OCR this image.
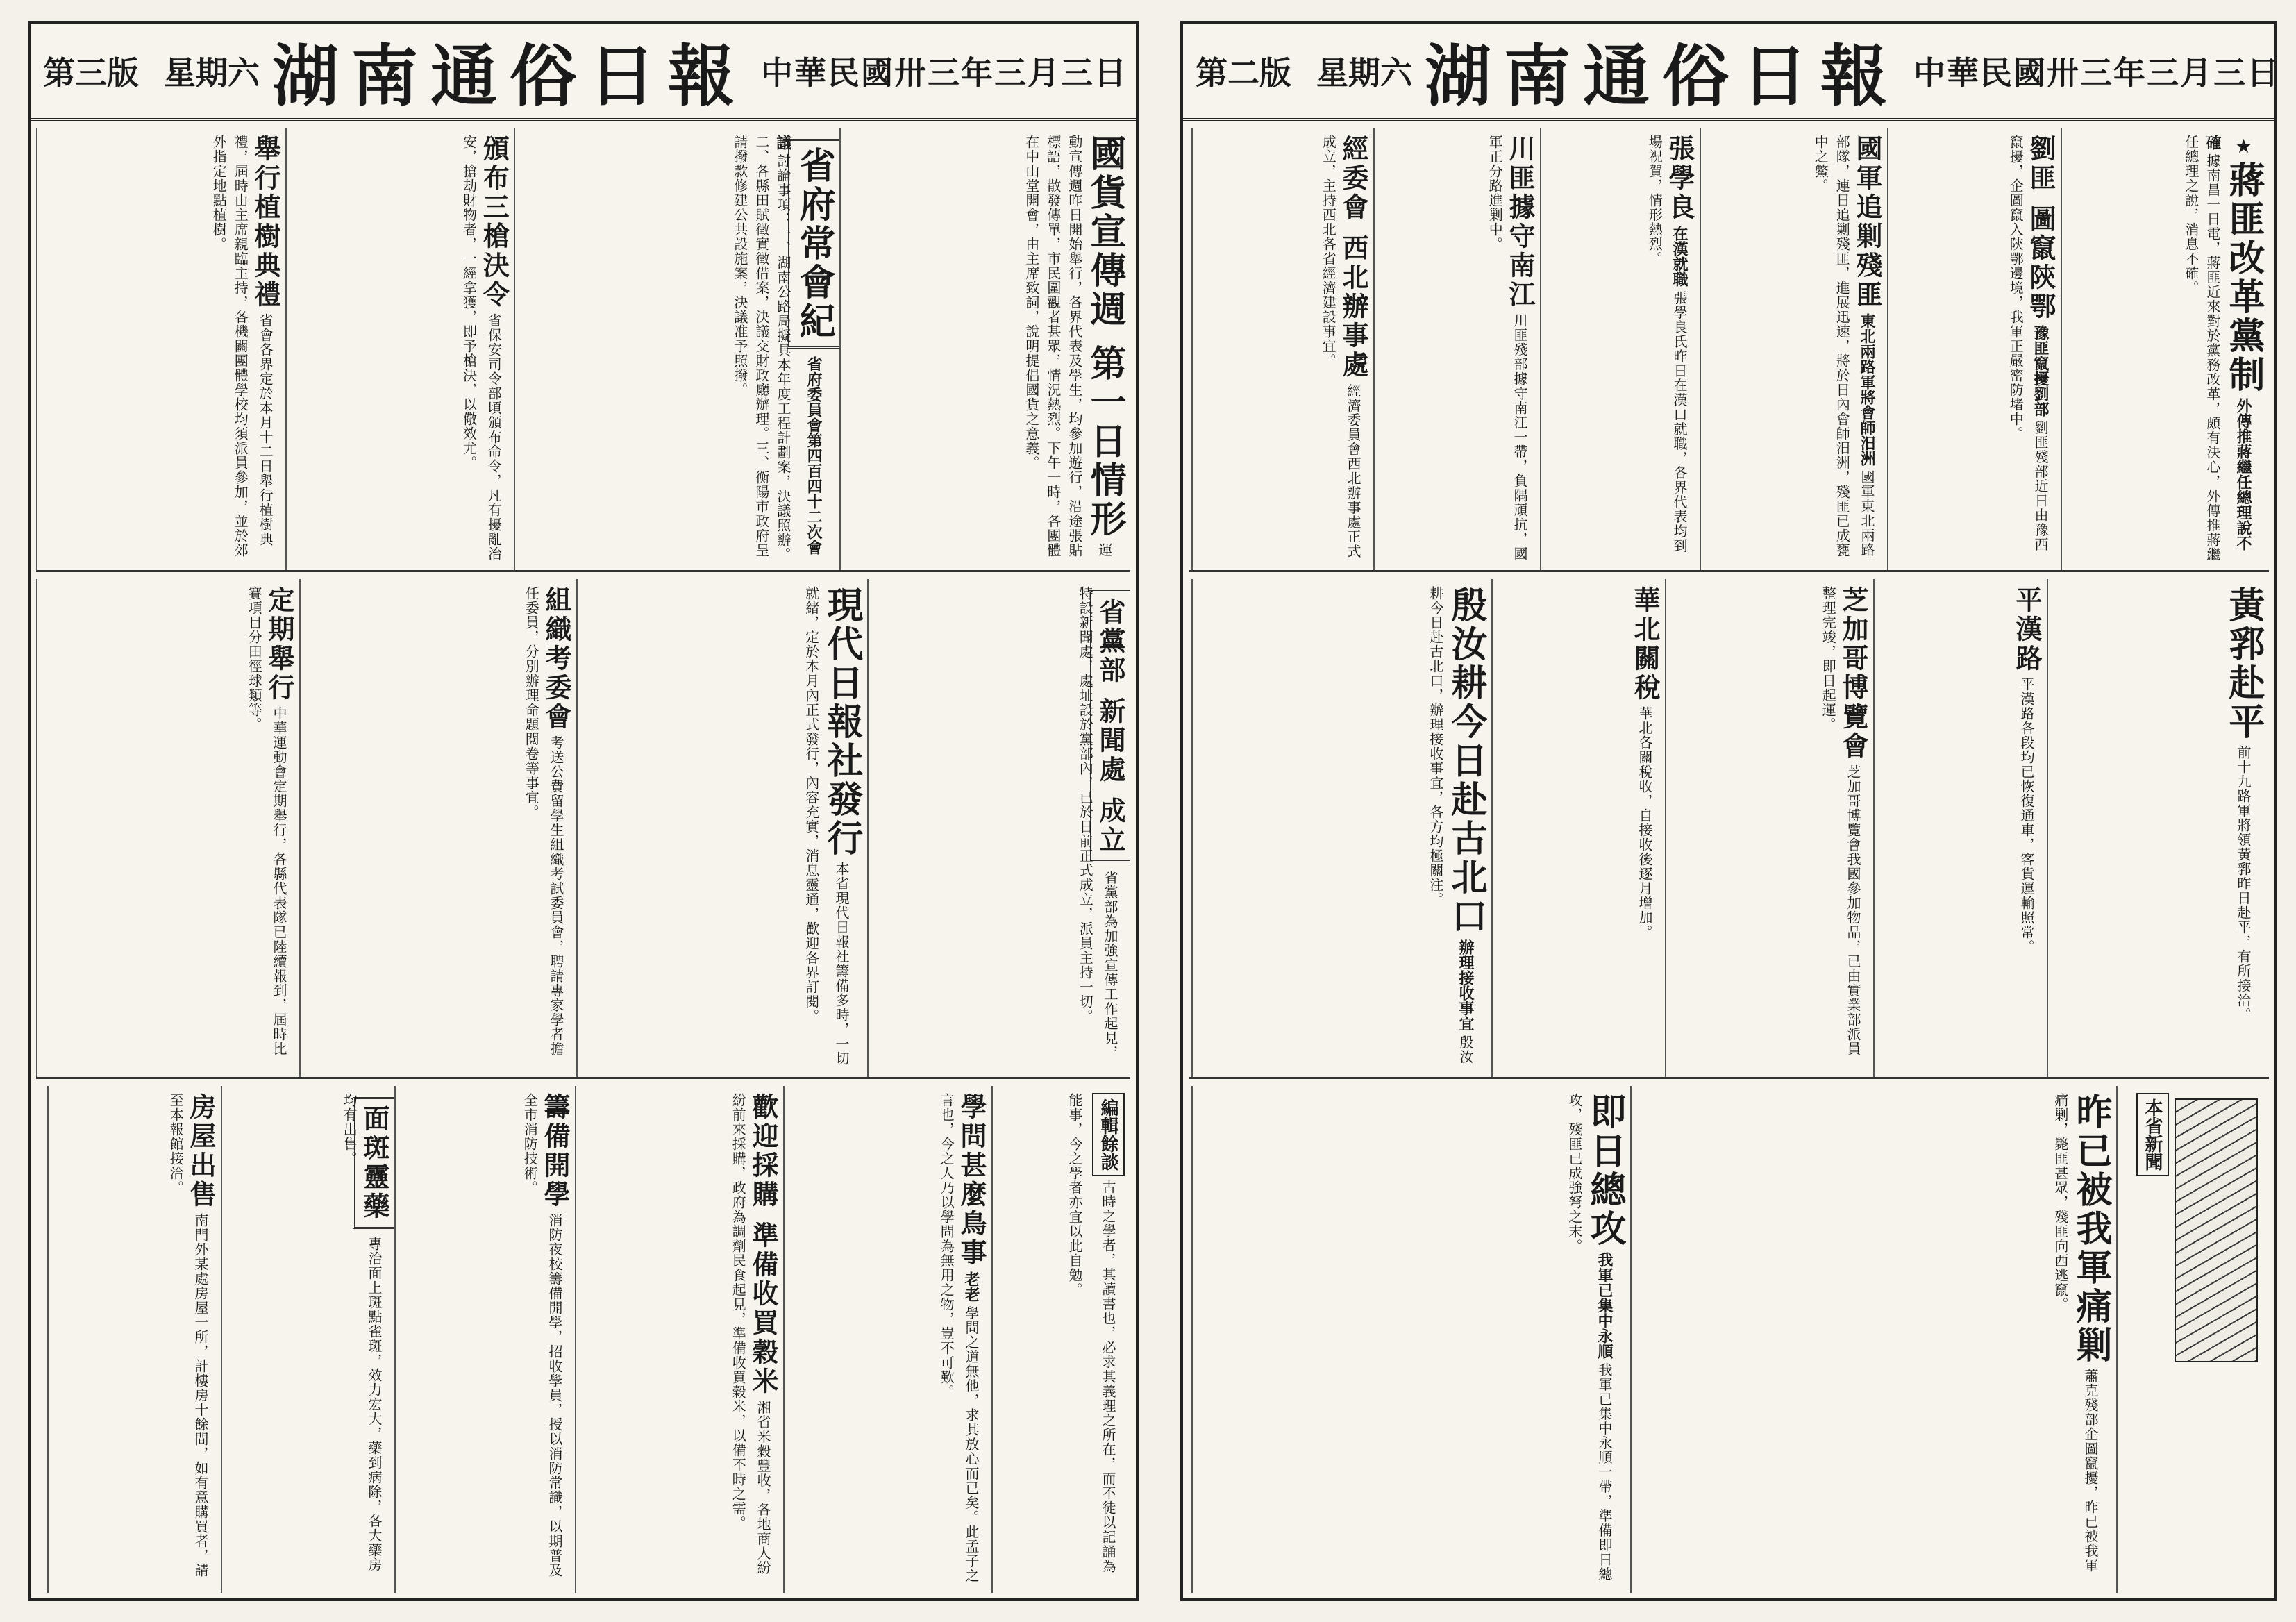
第三版 星期六 湖南通俗日報 中華民國卅三年三月三日
國貨宣傳週 第一日情形 運動宣傳週昨日開始舉行，各界代表及學生，均參加遊行，沿途張貼標語，散發傳單，市民圍觀者甚眾，情況熱烈。下午一時，各團體在中山堂開會，由主席致詞，說明提倡國貨之意義。
省府常會紀 省府委員會第四百四十二次會議 討論事項：一、湖南公路局擬具本年度工程計劃案，決議照辦。二、各縣田賦徵實徵借案，決議交財政廳辦理。三、衡陽市政府呈請撥款修建公共設施案，決議准予照撥。
頒布三槍決令 省保安司令部頃頒布命令，凡有擾亂治安，搶劫財物者，一經拿獲，即予槍決，以儆效尤。
舉行植樹典禮 省會各界定於本月十二日舉行植樹典禮，屆時由主席親臨主持，各機關團體學校均須派員參加，並於郊外指定地點植樹。
省黨部 新聞處 成立 省黨部為加強宣傳工作起見，特設新聞處，處址設於黨部內，已於日前正式成立，派員主持一切。
現代日報社發行 本省現代日報社籌備多時，一切就緒，定於本月內正式發行，內容充實，消息靈通，歡迎各界訂閱。
組織考委會 考送公費留學生組織考試委員會，聘請專家學者擔任委員，分別辦理命題閱卷等事宜。
定期舉行 中華運動會定期舉行，各縣代表隊已陸續報到，屆時比賽項目分田徑球類等。
編輯餘談 古時之學者，其讀書也，必求其義理之所在，而不徒以記誦為能事，今之學者亦宜以此自勉。
學問甚麼鳥事 老老 學問之道無他，求其放心而已矣。此孟子之言也，今之人乃以學問為無用之物，豈不可歎。
歡迎採購 準備收買穀米 湘省米穀豐收，各地商人紛紛前來採購，政府為調劑民食起見，準備收買穀米，以備不時之需。
籌備開學 消防夜校籌備開學，招收學員，授以消防常識，以期普及全市消防技術。
面斑靈藥 專治面上斑點雀斑，效力宏大，藥到病除，各大藥房均有出售。
房屋出售 南門外某處房屋一所，計樓房十餘間，如有意購買者，請至本報館接洽。
第二版 星期六 湖南通俗日報 中華民國卅三年三月三日
★ 蔣匪改革黨制 外傳推蔣繼任總理說不確 據南昌一日電，蔣匪近來對於黨務改革，頗有決心，外傳推蔣繼任總理之說，消息不確。
劉匪 圖竄陝鄂 豫匪竄擾劉部 劉匪殘部近日由豫西竄擾，企圖竄入陝鄂邊境，我軍正嚴密防堵中。
國軍追剿殘匪 東北兩路軍將會師汨洲 國軍東北兩路部隊，連日追剿殘匪，進展迅速，將於日內會師汨洲，殘匪已成甕中之鱉。
張學良 在漢就職 張學良氏昨日在漢口就職，各界代表均到場祝賀，情形熱烈。
川匪據守南江 川匪殘部據守南江一帶，負隅頑抗，國軍正分路進剿中。
經委會 西北辦事處 經濟委員會西北辦事處正式成立，主持西北各省經濟建設事宜。
黃郛赴平 前十九路軍將領黃郛昨日赴平，有所接洽。
平漢路 平漢路各段均已恢復通車，客貨運輸照常。
芝加哥博覽會 芝加哥博覽會我國參加物品，已由實業部派員整理完竣，即日起運。
華北關稅 華北各關稅收，自接收後逐月增加。
殷汝耕今日赴古北口 辦理接收事宜 殷汝耕今日赴古北口，辦理接收事宜，各方均極關注。
本省新聞
昨已被我軍痛剿 蕭克殘部企圖竄擾，昨已被我軍痛剿，斃匪甚眾，殘匪向西逃竄。
即日總攻 我軍已集中永順 我軍已集中永順一帶，準備即日總攻，殘匪已成強弩之末。
